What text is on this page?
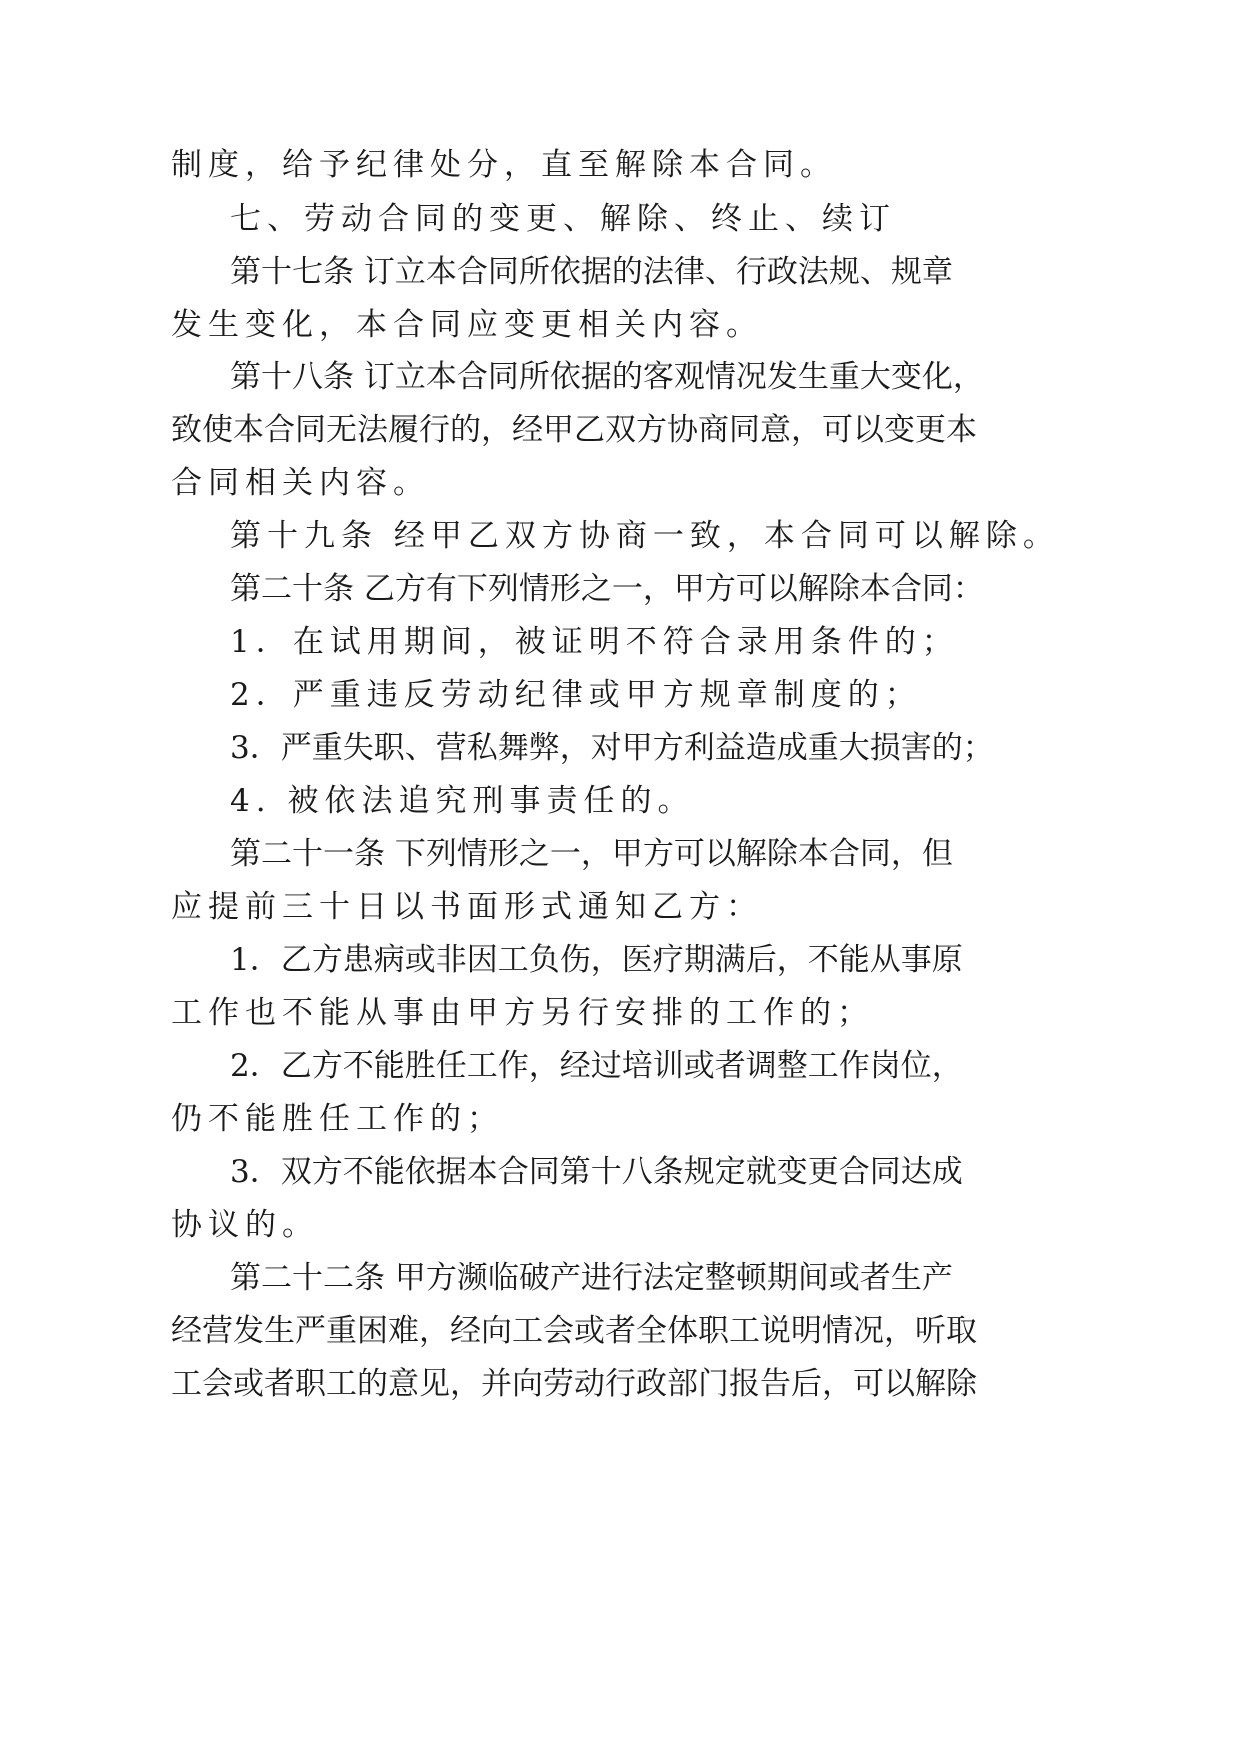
制 度 ， 给 予 纪 律 处 分 ， 直 至 解 除 本 合 同 。

七 、 劳 动 合 同 的 变 更 、 解 除 、 终 止 、 续 订

第 十 七 条
订 立 本 合 同 所 依 据 的 法 律 、 行 政 法 规 、 规 章

发 生 变 化 ， 本 合 同 应 变 更 相 关 内 容 。

第 十 八 条
订 立 本 合 同 所 依 据 的 客 观 情 况 发 生 重 大 变 化 ，

致 使 本 合 同 无 法 履 行 的 ， 经 甲 乙 双 方 协 商 同 意 ， 可 以 变 更 本

合 同 相 关 内 容 。

第 十 九 条
经 甲 乙 双 方 协 商 一 致 ， 本 合 同 可 以 解 除 。

第 二 十 条
乙 方 有 下 列 情 形 之 一 ， 甲 方 可 以 解 除 本 合 同 ：

1 ． 在 试 用 期 间 ， 被 证 明 不 符 合 录 用 条 件 的 ；

2 ． 严 重 违 反 劳 动 纪 律 或 甲 方 规 章 制 度 的 ；

3 ． 严 重 失 职 、 营 私 舞 弊 ， 对 甲 方 利 益 造 成 重 大 损 害 的 ；

4 .
被 依 法 追 究 刑 事 责 任 的 。

第 二 十 一 条
下 列 情 形 之 一 ， 甲 方 可 以 解 除 本 合 同 ， 但

应 提 前 三 十 日 以 书 面 形 式 通 知 乙 方 ：

1 ． 乙 方 患 病 或 非 因 工 负 伤 ， 医 疗 期 满 后 ， 不 能 从 事 原

工 作 也 不 能 从 事 由 甲 方 另 行 安 排 的 工 作 的 ；

2 ． 乙 方 不 能 胜 任 工 作 ， 经 过 培 训 或 者 调 整 工 作 岗 位 ，

仍 不 能 胜 任 工 作 的 ；

3 ． 双 方 不 能 依 据 本 合 同 第 十 八 条 规 定 就 变 更 合 同 达 成

协 议 的 。

第 二 十 二 条
甲 方 濒 临 破 产 进 行 法 定 整 顿 期 间 或 者 生 产

经 营 发 生 严 重 困 难 ， 经 向 工 会 或 者 全 体 职 工 说 明 情 况 ， 听 取

工 会 或 者 职 工 的 意 见 ， 并 向 劳 动 行 政 部 门 报 告 后 ， 可 以 解 除
